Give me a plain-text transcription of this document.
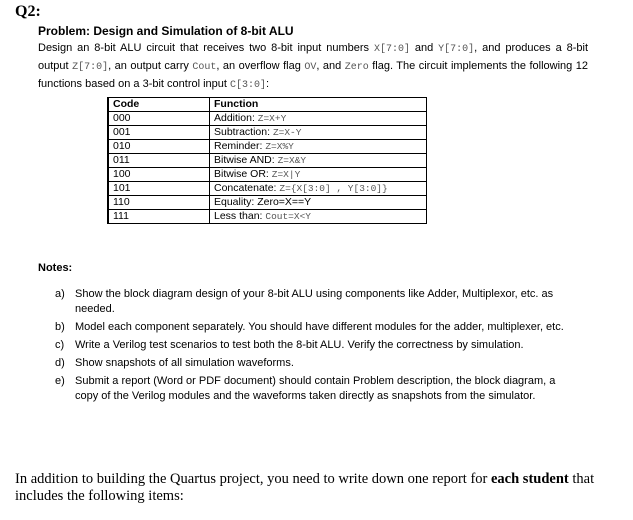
Q2:
Problem: Design and Simulation of 8-bit ALU
Design an 8-bit ALU circuit that receives two 8-bit input numbers X[7:0] and Y[7:0], and produces a 8-bit output Z[7:0], an output carry Cout, an overflow flag OV, and Zero flag. The circuit implements the following 12 functions based on a 3-bit control input C[3:0]:
Code	Function
000	Addition: Z=X+Y
001	Subtraction: Z=X-Y
010	Reminder: Z=X%Y
011	Bitwise AND: Z=X&Y
100	Bitwise OR: Z=X|Y
101	Concatenate: Z={X[3:0] , Y[3:0]}
110	Equality: Zero=X==Y
111	Less than: Cout=X<Y
Notes:
a) Show the block diagram design of your 8-bit ALU using components like Adder, Multiplexor, etc. as needed.
b) Model each component separately. You should have different modules for the adder, multiplexer, etc.
c) Write a Verilog test scenarios to test both the 8-bit ALU. Verify the correctness by simulation.
d) Show snapshots of all simulation waveforms.
e) Submit a report (Word or PDF document) should contain Problem description, the block diagram, a copy of the Verilog modules and the waveforms taken directly as snapshots from the simulator.
In addition to building the Quartus project, you need to write down one report for each student that includes the following items:
